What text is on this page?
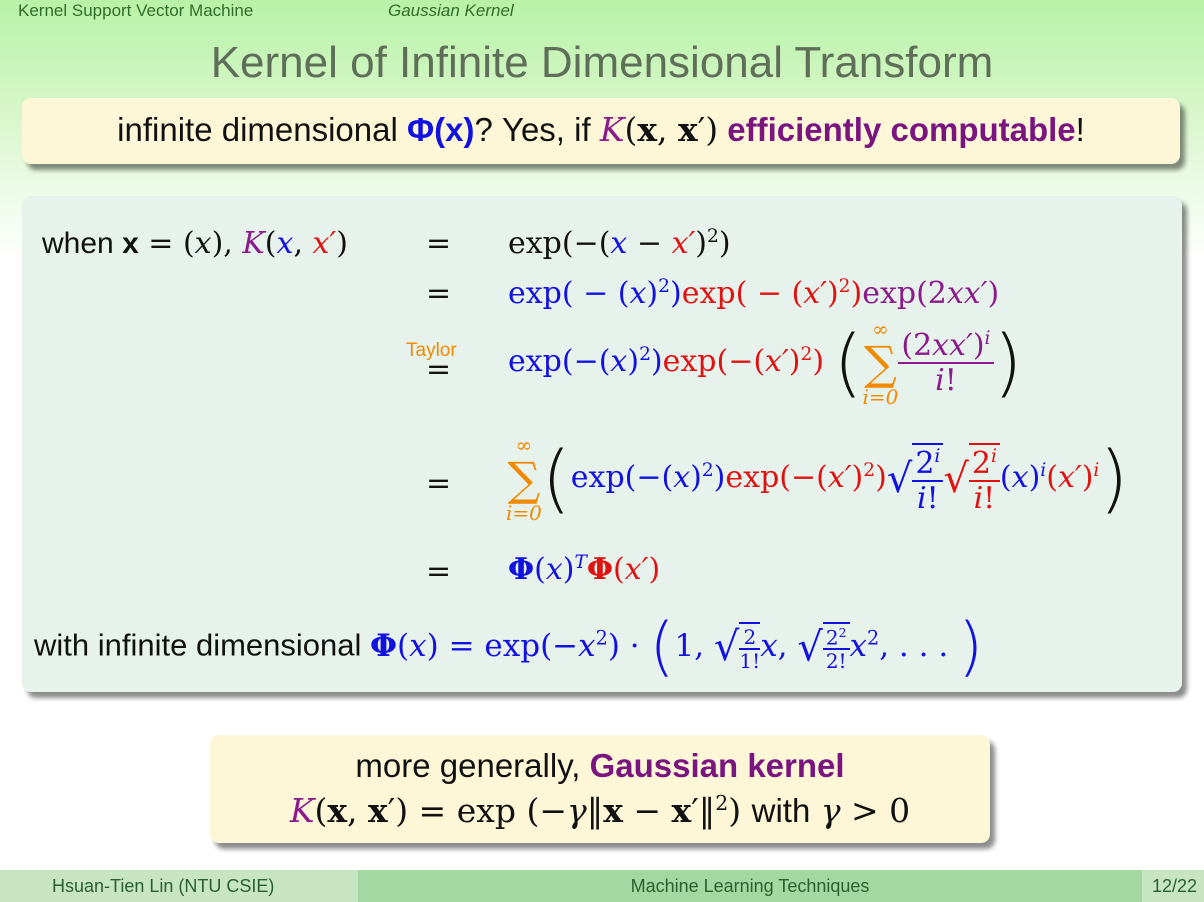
Kernel Support Vector Machine	Gaussian Kernel
Kernel of Infinite Dimensional Transform
infinite dimensional Φ(x)? Yes, if K(x, x′) efficiently computable!
when x = (x), K(x, x′)	= $\exp(-(x - x')^2)$
= $\exp( - (x)^2)\exp( - (x')^2)\exp(2xx')$
Taylor
= $\exp(-(x)^2)\exp(-(x')^2)$ ( ∞
∑
$i=0 \frac{(2xx')^i}{i!}$ )
=
∞
∑
i=0 ($\exp(-(x)^2)\exp(-(x')^2)√ \frac{2^i}{i!}$ √ $\frac{2^i}{i!} (x)^i(x')^i$)
= $\Phi(x)^T\Phi(x')$
with infinite dimensional $\Phi(x) = \exp(-x^2) \cdot (1$, √ $\frac{2}{1!} x$, √ $\frac{2^2}{2!} x^2$, . . . )
more generally, Gaussian kernel
K(x, x′) = exp (−γ‖x − x′‖$^2$) with γ > 0
Hsuan-Tien Lin (NTU CSIE)	Machine Learning Techniques	12/22
